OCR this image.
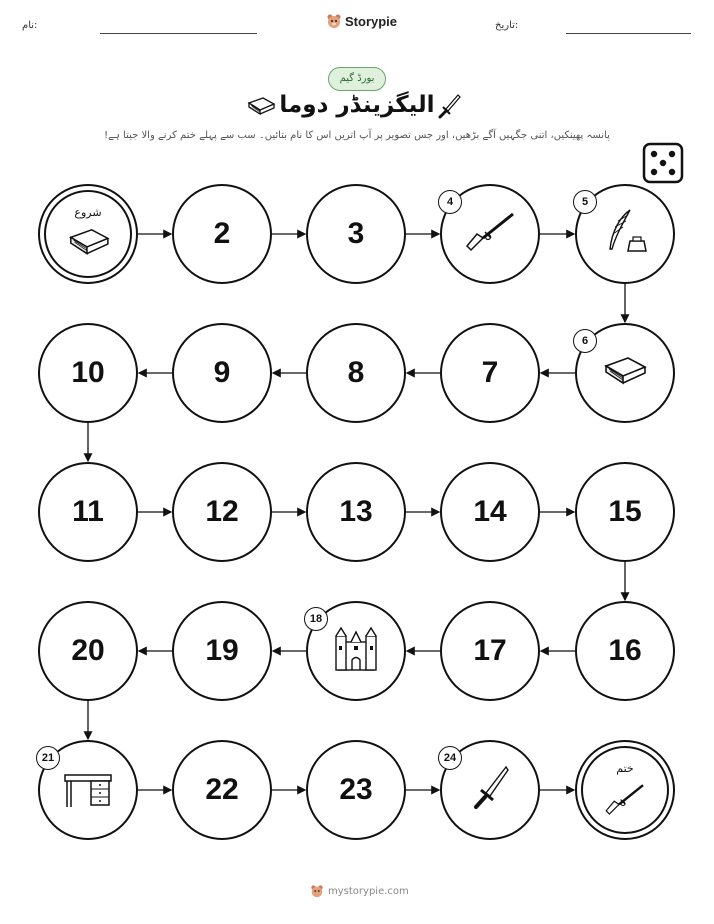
نام:	Storypie	تاریخ:
بورڈ گیم
الیگزینڈر دوما
پانسہ پھینکیں، اتنی جگہیں آگے بڑھیں، اور جس تصویر پر آپ اتریں اس کا نام بتائیں۔ سب سے پہلے ختم کرنے والا جیتا ہے!
شروع
2	3
4	5
6
7
8
9
10
11	12	13	14	15
16
17
18
19
20
21
22	23
24
ختم
mystorypie.com
